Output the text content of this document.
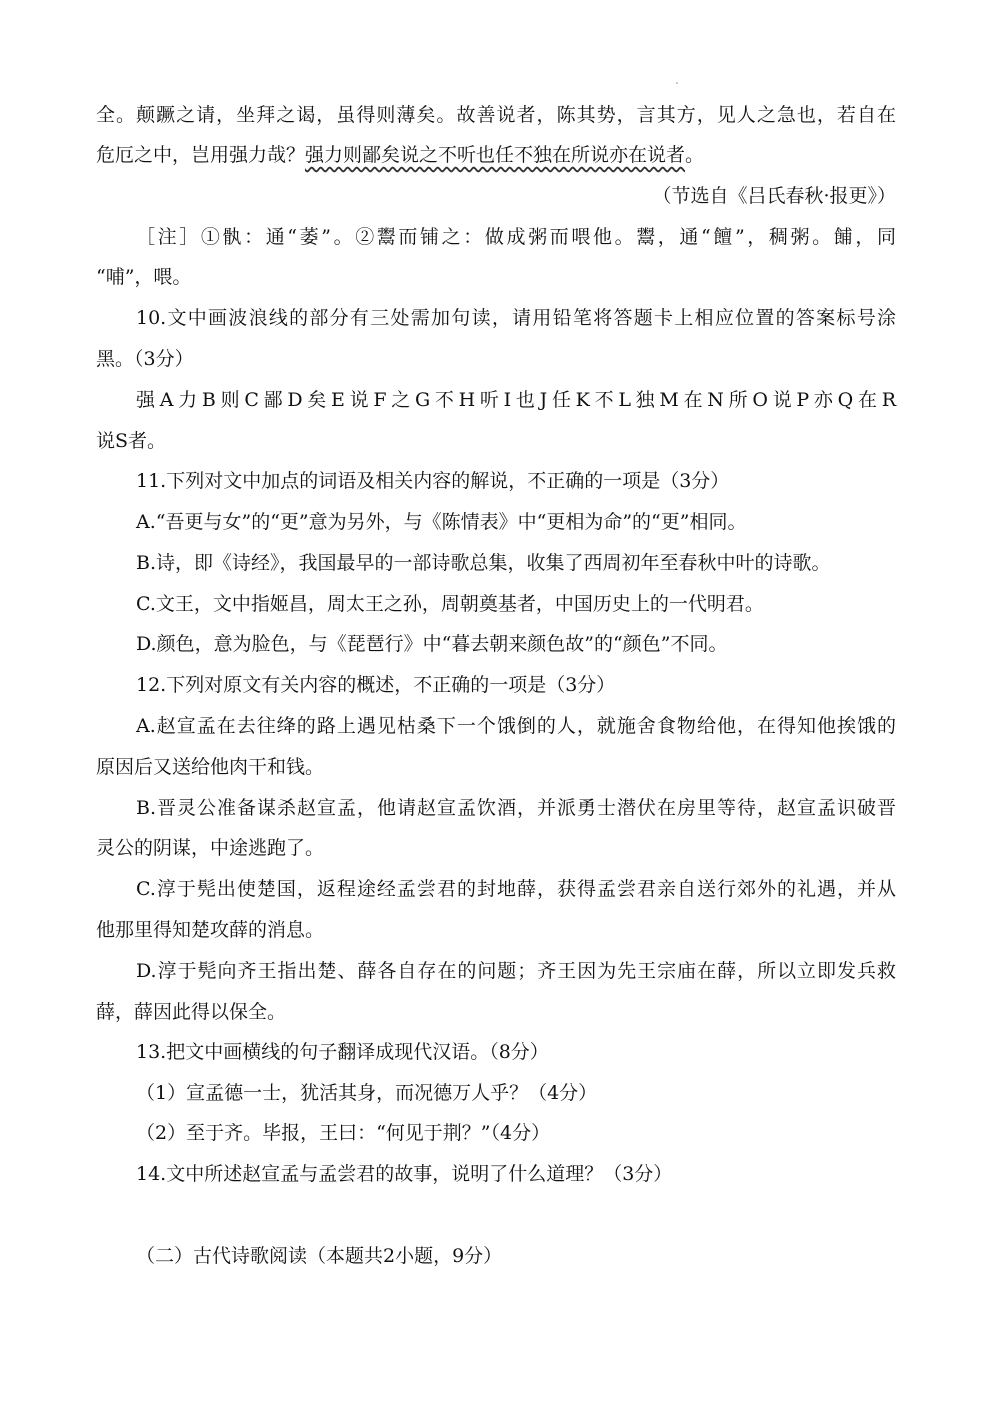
全。颠蹶之请，坐拜之谒，虽得则薄矣。故善说者，陈其势，言其方，见人之急也，若自在
危厄之中，岂用强力哉？强力则鄙矣说之不听也任不独在所说亦在说者。
（节选自《吕氏春秋·报更》）
［注］①骫：通“萎”。②鬻而铺之：做成粥而喂他。鬻，通“饘”，稠粥。餔，同
“哺”，喂。
10.文中画波浪线的部分有三处需加句读，请用铅笔将答题卡上相应位置的答案标号涂
黑。（3分）
强A力B则C鄙D矣E说F之G不H听I也J任K不L独M在N所O说P亦Q在R
说S者。
11.下列对文中加点的词语及相关内容的解说，不正确的一项是（3分）
A.“吾更与女”的“更”意为另外，与《陈情表》中“更相为命”的“更”相同。
B.诗，即《诗经》，我国最早的一部诗歌总集，收集了西周初年至春秋中叶的诗歌。
C.文王，文中指姬昌，周太王之孙，周朝奠基者，中国历史上的一代明君。
D.颜色，意为脸色，与《琵琶行》中“暮去朝来颜色故”的“颜色”不同。
12.下列对原文有关内容的概述，不正确的一项是（3分）
A.赵宣孟在去往绛的路上遇见枯桑下一个饿倒的人，就施舍食物给他，在得知他挨饿的
原因后又送给他肉干和钱。
B.晋灵公准备谋杀赵宣孟，他请赵宣孟饮酒，并派勇士潜伏在房里等待，赵宣孟识破晋
灵公的阴谋，中途逃跑了。
C.淳于髡出使楚国，返程途经孟尝君的封地薛，获得孟尝君亲自送行郊外的礼遇，并从
他那里得知楚攻薛的消息。
D.淳于髡向齐王指出楚、薛各自存在的问题；齐王因为先王宗庙在薛，所以立即发兵救
薛，薛因此得以保全。
13.把文中画横线的句子翻译成现代汉语。（8分）
（1）宣孟德一士，犹活其身，而况德万人乎？（4分）
（2）至于齐。毕报，王曰：“何见于荆？”（4分）
14.文中所述赵宣孟与孟尝君的故事，说明了什么道理？（3分）
（二）古代诗歌阅读（本题共2小题，9分）
